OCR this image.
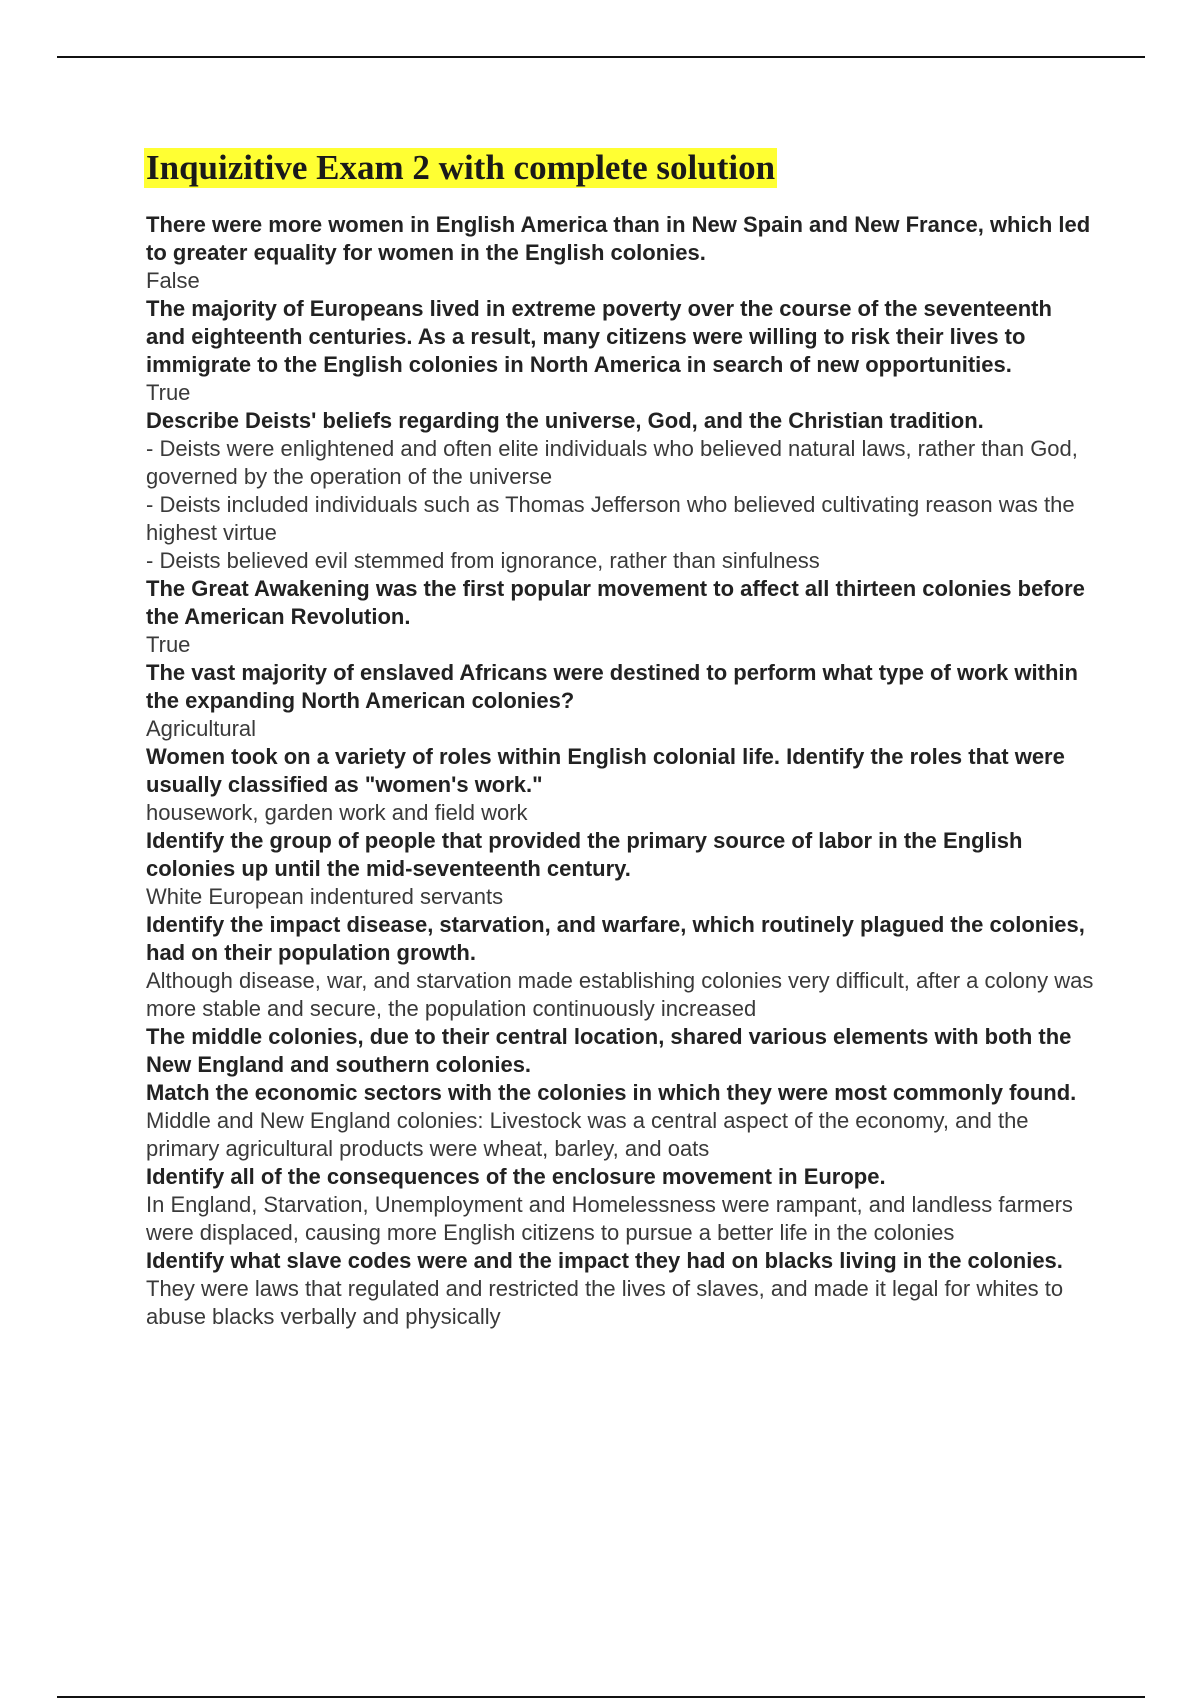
Inquizitive Exam 2 with complete solution

There were more women in English America than in New Spain and New France, which led to greater equality for women in the English colonies.

False

The majority of Europeans lived in extreme poverty over the course of the seventeenth and eighteenth centuries. As a result, many citizens were willing to risk their lives to immigrate to the English colonies in North America in search of new opportunities.

True

Describe Deists' beliefs regarding the universe, God, and the Christian tradition.

- Deists were enlightened and often elite individuals who believed natural laws, rather than God, governed by the operation of the universe

- Deists included individuals such as Thomas Jefferson who believed cultivating reason was the highest virtue

- Deists believed evil stemmed from ignorance, rather than sinfulness

The Great Awakening was the first popular movement to affect all thirteen colonies before the American Revolution.

True

The vast majority of enslaved Africans were destined to perform what type of work within the expanding North American colonies?

Agricultural

Women took on a variety of roles within English colonial life. Identify the roles that were usually classified as "women's work."

housework, garden work and field work

Identify the group of people that provided the primary source of labor in the English colonies up until the mid-seventeenth century.

White European indentured servants

Identify the impact disease, starvation, and warfare, which routinely plagued the colonies, had on their population growth.

Although disease, war, and starvation made establishing colonies very difficult, after a colony was more stable and secure, the population continuously increased

The middle colonies, due to their central location, shared various elements with both the New England and southern colonies.

Match the economic sectors with the colonies in which they were most commonly found.

Middle and New England colonies: Livestock was a central aspect of the economy, and the primary agricultural products were wheat, barley, and oats

Identify all of the consequences of the enclosure movement in Europe.

In England, Starvation, Unemployment and Homelessness were rampant, and landless farmers were displaced, causing more English citizens to pursue a better life in the colonies

Identify what slave codes were and the impact they had on blacks living in the colonies.

They were laws that regulated and restricted the lives of slaves, and made it legal for whites to abuse blacks verbally and physically
